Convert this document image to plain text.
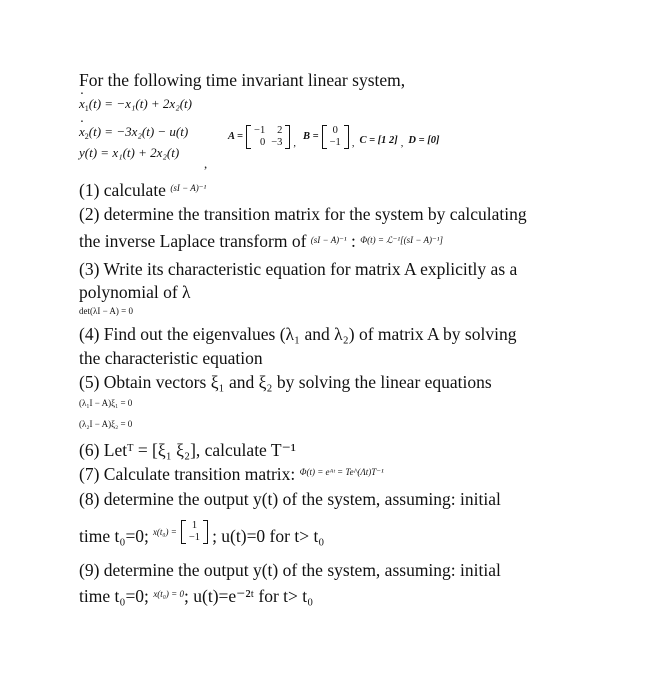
For the following time invariant linear system,
· $x_1(t) = -x_1(t) + 2x_2(t)$
· $x_2(t) = -3x_2(t) - u(t)$
y(t) = x₁(t) + 2x₂(t)
A =
−1	2
0	−3 ,
B =
0
−1 , C = [1 2] , D = [0]
,
(1) calculate $^{(sI - A)^{-1}}$
(2) determine the transition matrix for the system by calculating
the inverse Laplace transform of $^{(sI - A)^{-1}}$ : $^{\Phi(t) = ℒ^{-1}[(sI - A)^{-1}]}$
(3) Write its characteristic equation for matrix A explicitly as a
polynomial of λ
det(λI − A) = 0
(4) Find out the eigenvalues (λ₁ and λ₂) of matrix A by solving
the characteristic equation
(5) Obtain vectors ξ₁ and ξ₂ by solving the linear equations
(λ₁I − A)ξ₁ = 0
(λ₂I − A)ξ₂ = 0
(6) Letᵀ = [ξ₁ ξ₂], calculate T⁻¹
(7) Calculate transition matrix: $^{\Phi(t) = eᴬᵗ = Te\^{}(\Lambda t)T^{-1}}$
(8) determine the output y(t) of the system, assuming: initial
time t₀=0; x(t₀) =
1
−1 ; u(t)=0 for t> t₀
(9) determine the output y(t) of the system, assuming: initial
time t₀=0; $^{x(t_0) = 0}$; u(t)=e⁻²ᵗ for t> t₀
